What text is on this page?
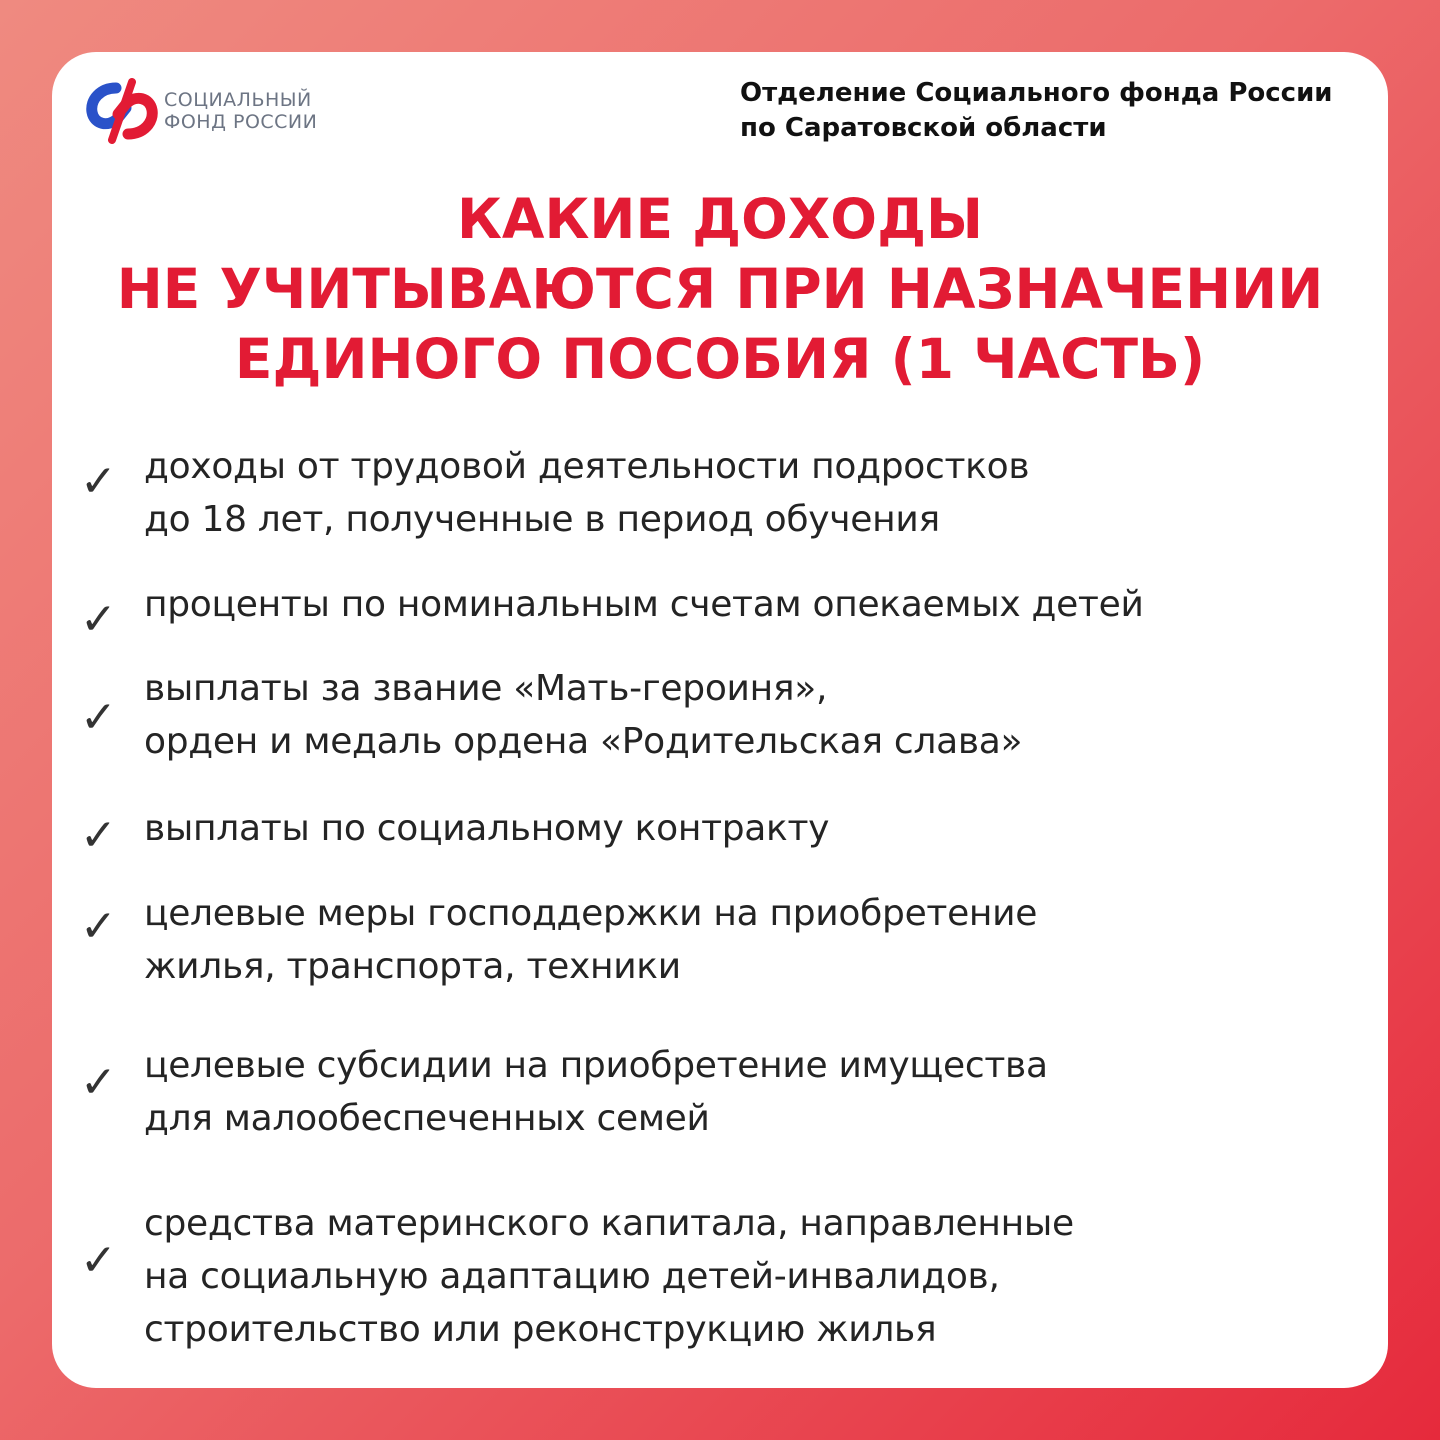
СОЦИАЛЬНЫЙ
ФОНД РОССИИ
Отделение Социального фонда России
по Саратовской области
КАКИЕ ДОХОДЫ
НЕ УЧИТЫВАЮТСЯ ПРИ НАЗНАЧЕНИИ
ЕДИНОГО ПОСОБИЯ (1 ЧАСТЬ)
✓ доходы от трудовой деятельности подростков
до 18 лет, полученные в период обучения
✓ проценты по номинальным счетам опекаемых детей
✓
выплаты за звание «Мать-героиня»,
орден и медаль ордена «Родительская слава»
✓ выплаты по социальному контракту
✓ целевые меры господдержки на приобретение
жилья, транспорта, техники
✓ целевые субсидии на приобретение имущества
для малообеспеченных семей
✓
средства материнского капитала, направленные
на социальную адаптацию детей-инвалидов,
строительство или реконструкцию жилья
